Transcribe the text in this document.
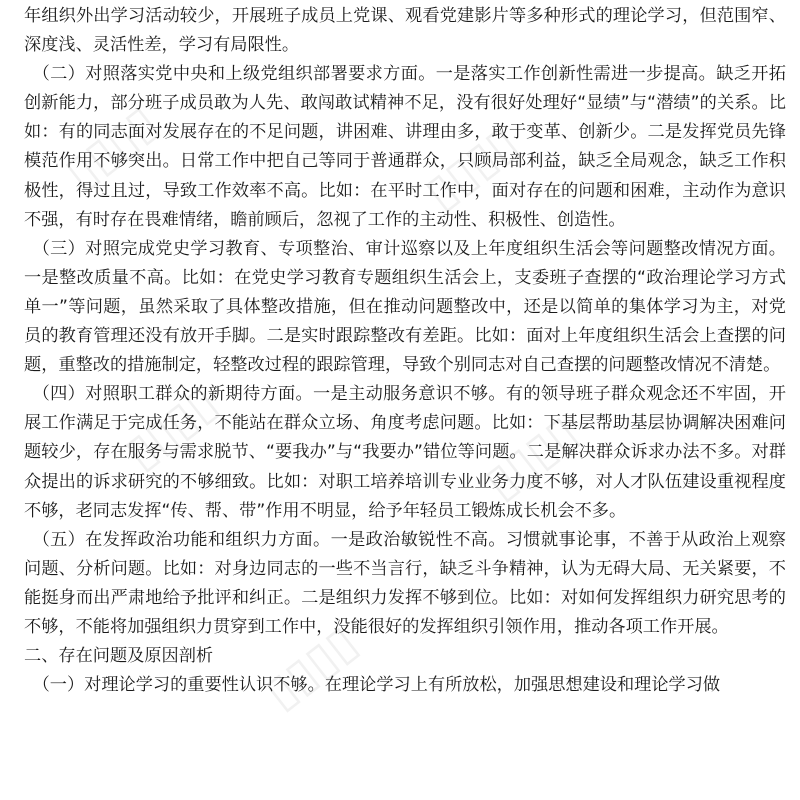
▯▯▯▯	▯▯▯▯
▯▯▯▯	▯▯▯▯
▯▯▯▯

年组织外出学习活动较少，开展班子成员上党课、观看党建影片等多种形式的理论学习，但范围窄、深度浅、灵活性差，学习有局限性。

（二）对照落实党中央和上级党组织部署要求方面。一是落实工作创新性需进一步提高。缺乏开拓创新能力，部分班子成员敢为人先、敢闯敢试精神不足，没有很好处理好“显绩”与“潜绩”的关系。比如：有的同志面对发展存在的不足问题，讲困难、讲理由多，敢于变革、创新少。二是发挥党员先锋模范作用不够突出。日常工作中把自己等同于普通群众，只顾局部利益，缺乏全局观念，缺乏工作积极性，得过且过，导致工作效率不高。比如：在平时工作中，面对存在的问题和困难，主动作为意识不强，有时存在畏难情绪，瞻前顾后，忽视了工作的主动性、积极性、创造性。

（三）对照完成党史学习教育、专项整治、审计巡察以及上年度组织生活会等问题整改情况方面。一是整改质量不高。比如：在党史学习教育专题组织生活会上，支委班子查摆的“政治理论学习方式单一”等问题，虽然采取了具体整改措施，但在推动问题整改中，还是以简单的集体学习为主，对党员的教育管理还没有放开手脚。二是实时跟踪整改有差距。比如：面对上年度组织生活会上查摆的问题，重整改的措施制定，轻整改过程的跟踪管理，导致个别同志对自己查摆的问题整改情况不清楚。

（四）对照职工群众的新期待方面。一是主动服务意识不够。有的领导班子群众观念还不牢固，开展工作满足于完成任务，不能站在群众立场、角度考虑问题。比如：下基层帮助基层协调解决困难问题较少，存在服务与需求脱节、“要我办”与“我要办”错位等问题。二是解决群众诉求办法不多。对群众提出的诉求研究的不够细致。比如：对职工培养培训专业业务力度不够，对人才队伍建设重视程度不够，老同志发挥“传、帮、带”作用不明显，给予年轻员工锻炼成长机会不多。

（五）在发挥政治功能和组织力方面。一是政治敏锐性不高。习惯就事论事，不善于从政治上观察问题、分析问题。比如：对身边同志的一些不当言行，缺乏斗争精神，认为无碍大局、无关紧要，不能挺身而出严肃地给予批评和纠正。二是组织力发挥不够到位。比如：对如何发挥组织力研究思考的不够，不能将加强组织力贯穿到工作中，没能很好的发挥组织引领作用，推动各项工作开展。

二、存在问题及原因剖析

（一）对理论学习的重要性认识不够。在理论学习上有所放松，加强思想建设和理论学习做
